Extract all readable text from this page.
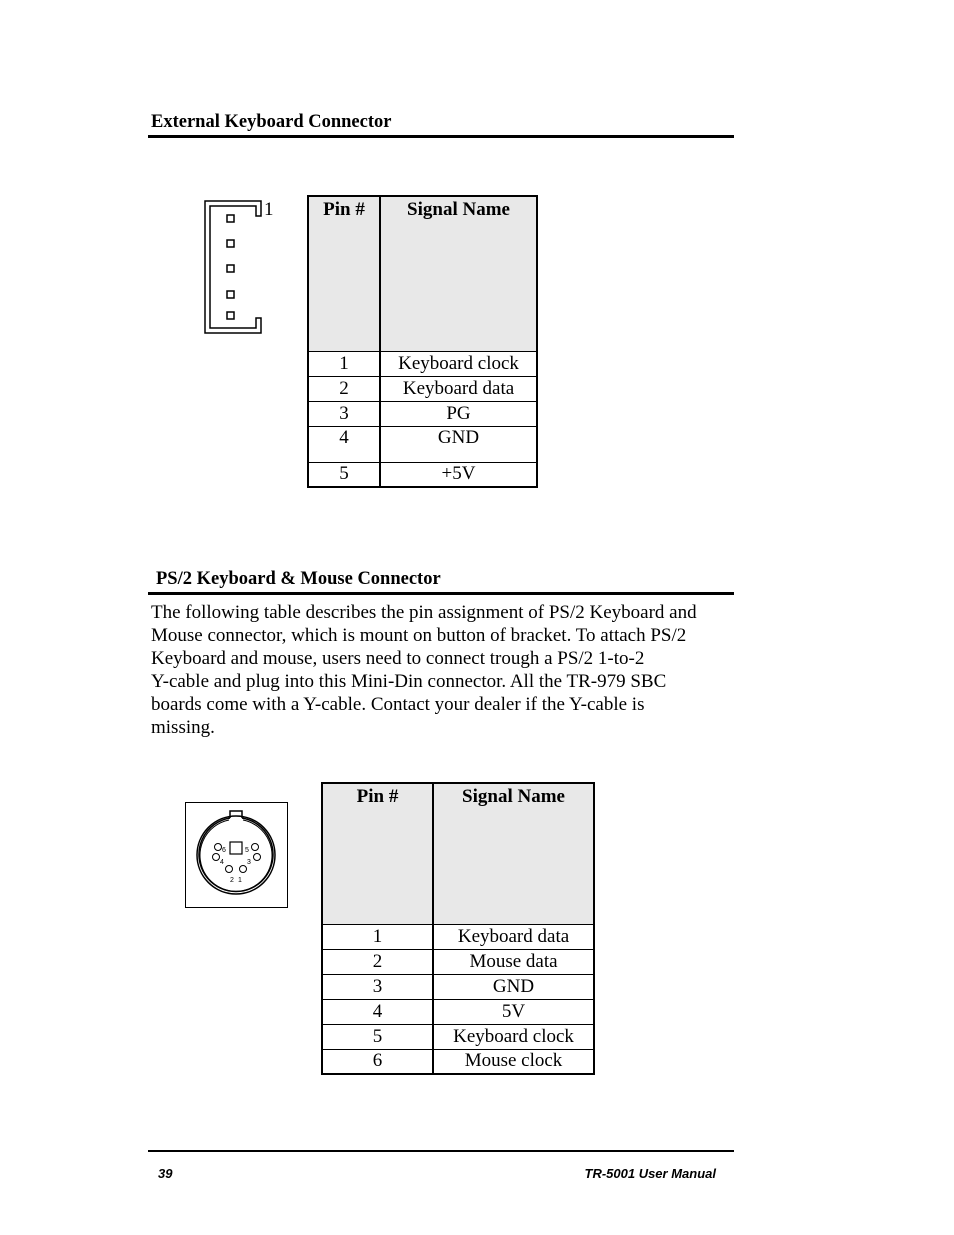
External Keyboard Connector
1	Pin #	Signal Name
1	Keyboard clock
2	Keyboard data
3	PG
4	GND
5	+5V
PS/2 Keyboard & Mouse Connector
The following table describes the pin assignment of PS/2 Keyboard and
Mouse connector, which is mount on button of bracket. To attach PS/2
Keyboard and mouse, users need to connect trough a PS/2 1-to-2
Y-cable and plug into this Mini-Din connector. All the TR-979 SBC
boards come with a Y-cable. Contact your dealer if the Y-cable is
missing.
6	5
4	3
2 1
Pin #	Signal Name
1	Keyboard data
2	Mouse data
3	GND
4	5V
5	Keyboard clock
6	Mouse clock
39	TR-5001 User Manual
